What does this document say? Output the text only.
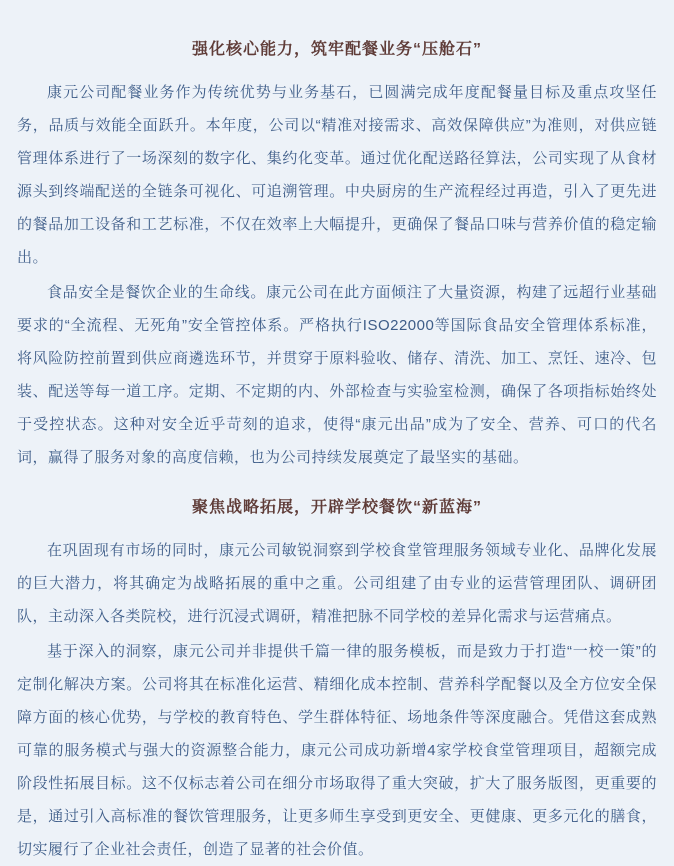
强化核心能力，筑牢配餐业务“压舱石”

康元公司配餐业务作为传统优势与业务基石，已圆满完成年度配餐量目标及重点攻坚任务，品质与效能全面跃升。本年度，公司以“精准对接需求、高效保障供应”为准则，对供应链管理体系进行了一场深刻的数字化、集约化变革。通过优化配送路径算法，公司实现了从食材源头到终端配送的全链条可视化、可追溯管理。中央厨房的生产流程经过再造，引入了更先进的餐品加工设备和工艺标准，不仅在效率上大幅提升，更确保了餐品口味与营养价值的稳定输出。

食品安全是餐饮企业的生命线。康元公司在此方面倾注了大量资源，构建了远超行业基础要求的“全流程、无死角”安全管控体系。严格执行ISO22000等国际食品安全管理体系标准，将风险防控前置到供应商遴选环节，并贯穿于原料验收、储存、清洗、加工、烹饪、速冷、包装、配送等每一道工序。定期、不定期的内、外部检查与实验室检测，确保了各项指标始终处于受控状态。这种对安全近乎苛刻的追求，使得“康元出品”成为了安全、营养、可口的代名词，赢得了服务对象的高度信赖，也为公司持续发展奠定了最坚实的基础。

聚焦战略拓展，开辟学校餐饮“新蓝海”

在巩固现有市场的同时，康元公司敏锐洞察到学校食堂管理服务领域专业化、品牌化发展的巨大潜力，将其确定为战略拓展的重中之重。公司组建了由专业的运营管理团队、调研团队，主动深入各类院校，进行沉浸式调研，精准把脉不同学校的差异化需求与运营痛点。

基于深入的洞察，康元公司并非提供千篇一律的服务模板，而是致力于打造“一校一策”的定制化解决方案。公司将其在标准化运营、精细化成本控制、营养科学配餐以及全方位安全保障方面的核心优势，与学校的教育特色、学生群体特征、场地条件等深度融合。凭借这套成熟可靠的服务模式与强大的资源整合能力，康元公司成功新增4家学校食堂管理项目，超额完成阶段性拓展目标。这不仅标志着公司在细分市场取得了重大突破，扩大了服务版图，更重要的是，通过引入高标准的餐饮管理服务，让更多师生享受到更安全、更健康、更多元化的膳食，切实履行了企业社会责任，创造了显著的社会价值。
